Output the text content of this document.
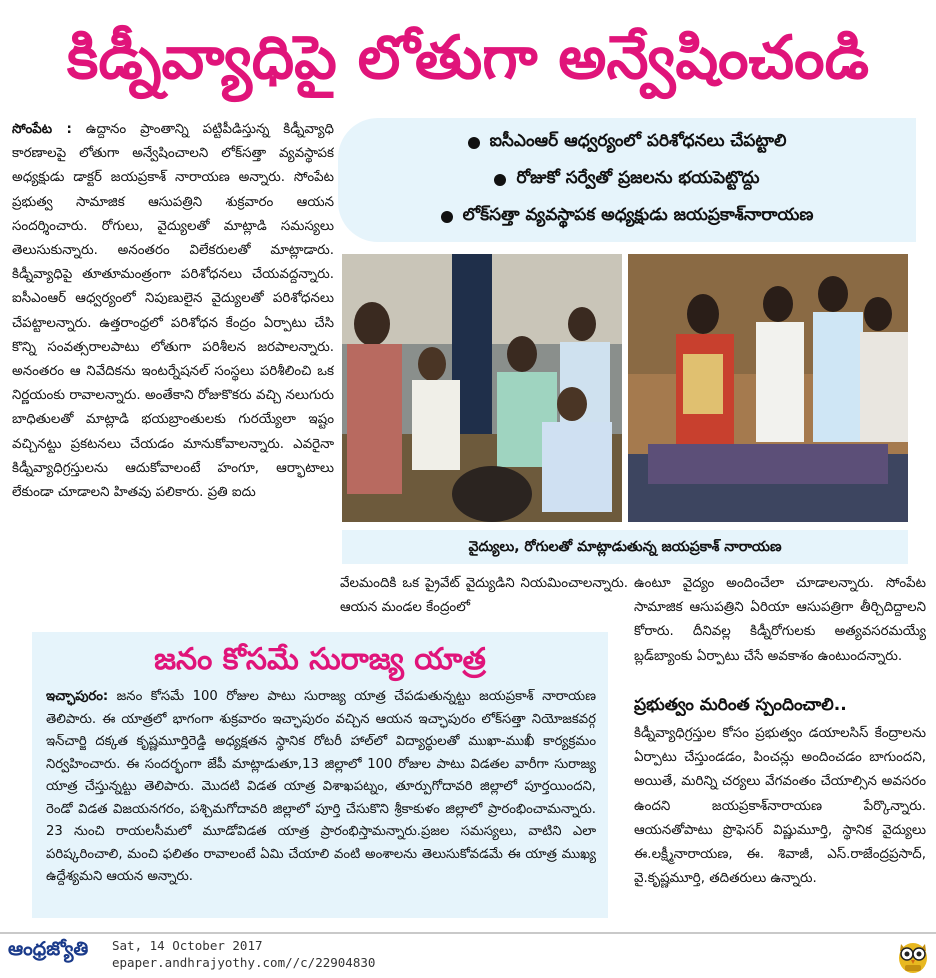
కిడ్నీవ్యాధిపై లోతుగా అన్వేషించండి
సోంపేట : ఉద్దానం ప్రాంతాన్ని పట్టిపీడిస్తున్న కిడ్నీవ్యాధి కారణాలపై లోతుగా అన్వేషించాలని లోక్‌సత్తా వ్యవస్థాపక అధ్యక్షుడు డాక్టర్ జయప్రకాశ్ నారాయణ అన్నారు. సోంపేట ప్రభుత్వ సామాజిక ఆసుపత్రిని శుక్రవారం ఆయన సందర్శించారు. రోగులు, వైద్యులతో మాట్లాడి సమస్యలు తెలుసుకున్నారు. అనంతరం విలేకరులతో మాట్లాడారు. కిడ్నీవ్యాధిపై తూతూమంత్రంగా పరిశోధనలు చేయవద్దన్నారు. ఐసీఎంఆర్ ఆధ్వర్యంలో నిపుణులైన వైద్యులతో పరిశోధనలు చేపట్టాలన్నారు. ఉత్తరాంధ్రలో పరిశోధన కేంద్రం ఏర్పాటు చేసి కొన్ని సంవత్సరాలపాటు లోతుగా పరిశీలన జరపాలన్నారు. అనంతరం ఆ నివేదికను ఇంటర్నేషనల్ సంస్థలు పరిశీలించి ఒక నిర్ణయంకు రావాలన్నారు. అంతేకాని రోజుకొకరు వచ్చి నలుగురు బాధితులతో మాట్లాడి భయబ్రాంతులకు గురయ్యేలా ఇష్టం వచ్చినట్టు ప్రకటనలు చేయడం మానుకోవాలన్నారు. ఎవరైనా కిడ్నీవ్యాధిగ్రస్తులను ఆదుకోవాలంటే హంగూ, ఆర్భాటాలు లేకుండా చూడాలని హితవు పలికారు. ప్రతి ఐదు
ఐసీఎంఆర్ ఆధ్వర్యంలో పరిశోధనలు చేపట్టాలి
రోజుకో సర్వేతో ప్రజలను భయపెట్టొద్దు
లోక్‌సత్తా వ్యవస్థాపక అధ్యక్షుడు జయప్రకాశ్‌నారాయణ
వైద్యులు, రోగులతో మాట్లాడుతున్న జయప్రకాశ్ నారాయణ
వేలమందికి ఒక ప్రైవేట్ వైద్యుడిని నియమించాలన్నారు. ఆయన మండల కేంద్రంలో
ఉంటూ వైద్యం అందించేలా చూడాలన్నారు. సోంపేట సామాజిక ఆసుపత్రిని ఏరియా ఆసుపత్రిగా తీర్చిదిద్దాలని కోరారు. దీనివల్ల కిడ్నీరోగులకు అత్యవసరమయ్యే బ్లడ్‌బ్యాంకు ఏర్పాటు చేసే అవకాశం ఉంటుందన్నారు.
ప్రభుత్వం మరింత స్పందించాలి..
కిడ్నీవ్యాధిగ్రస్తుల కోసం ప్రభుత్వం డయాలసిస్ కేంద్రాలను ఏర్పాటు చేస్తుండడం, పించన్లు అందించడం బాగుందని, అయితే, మరిన్ని చర్యలు వేగవంతం చేయాల్సిన అవసరం ఉందని జయప్రకాశ్‌నారాయణ పేర్కొన్నారు. ఆయనతోపాటు ప్రొఫెసర్ విష్ణుమూర్తి, స్థానిక వైద్యులు ఈ.లక్ష్మీనారాయణ, ఈ. శివాజీ, ఎస్.రాజేంద్రప్రసాద్, వై.కృష్ణమూర్తి, తదితరులు ఉన్నారు.
జనం కోసమే సురాజ్య యాత్ర
ఇచ్ఛాపురం: జనం కోసమే 100 రోజుల పాటు సురాజ్య యాత్ర చేపడుతున్నట్టు జయప్రకాశ్ నారాయణ తెలిపారు. ఈ యాత్రలో భాగంగా శుక్రవారం ఇచ్ఛాపురం వచ్చిన ఆయన ఇచ్ఛాపురం లోక్‌సత్తా నియోజకవర్గ ఇన్‌చార్జి దక్కత కృష్ణమూర్తిరెడ్డి అధ్యక్షతన స్థానిక రోటరీ హాల్‌లో విద్యార్థులతో ముఖా-ముఖీ కార్యక్రమం నిర్వహించారు. ఈ సందర్భంగా జేపీ మాట్లాడుతూ,13 జిల్లాలో 100 రోజుల పాటు విడతల వారీగా సురాజ్య యాత్ర చేస్తున్నట్టు తెలిపారు. మొదటి విడత యాత్ర విశాఖపట్నం, తూర్పుగోదావరి జిల్లాలో పూర్తయిందని, రెండో విడత విజయనగరం, పశ్చిమగోదావరి జిల్లాలో పూర్తి చేసుకొని శ్రీకాకుళం జిల్లాలో ప్రారంభించామన్నారు. 23 నుంచి రాయలసీమలో మూడోవిడత యాత్ర ప్రారంభిస్తామన్నారు.ప్రజల సమస్యలు, వాటిని ఎలా పరిష్కరించాలి, మంచి ఫలితం రావాలంటే ఏమి చేయాలి వంటి అంశాలను తెలుసుకోవడమే ఈ యాత్ర ముఖ్య ఉద్దేశ్యమని ఆయన అన్నారు.
ఆంధ్రజ్యోతి	Sat, 14 October 2017
epaper.andhrajyothy.com//c/22904830
